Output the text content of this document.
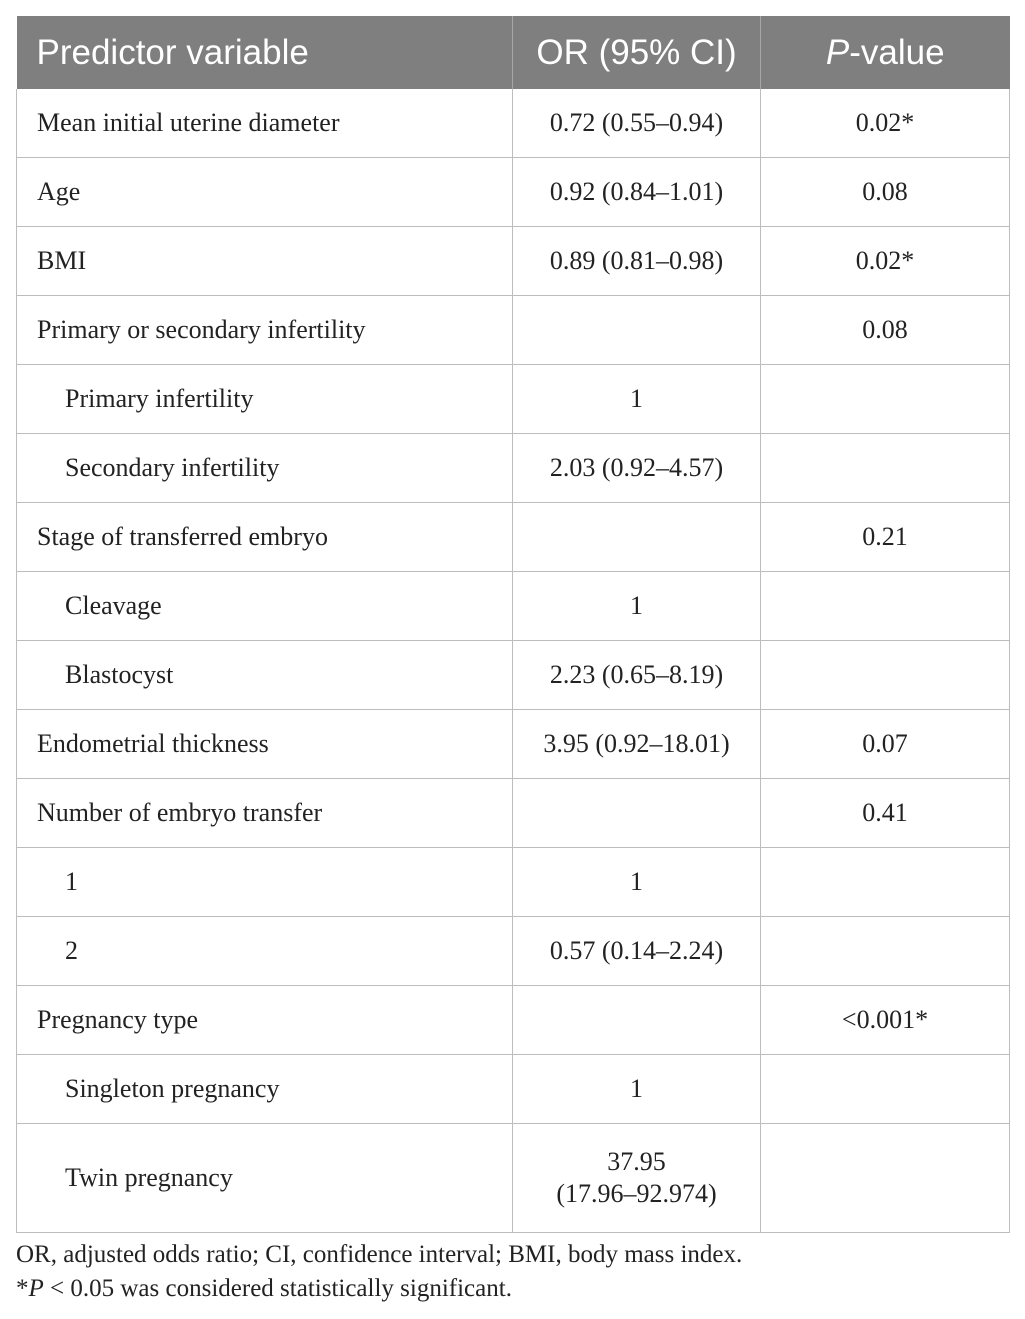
Predictor variable	OR (95% CI)	P-value
Mean initial uterine diameter	0.72 (0.55–0.94)	0.02*
Age	0.92 (0.84–1.01)	0.08
BMI	0.89 (0.81–0.98)	0.02*
Primary or secondary infertility		0.08
Primary infertility	1	
Secondary infertility	2.03 (0.92–4.57)	
Stage of transferred embryo		0.21
Cleavage	1	
Blastocyst	2.23 (0.65–8.19)	
Endometrial thickness	3.95 (0.92–18.01)	0.07
Number of embryo transfer		0.41
1	1	
2	0.57 (0.14–2.24)	
Pregnancy type		<0.001*
Singleton pregnancy	1	
Twin pregnancy	37.95
(17.96–92.974)	

OR, adjusted odds ratio; CI, confidence interval; BMI, body mass index.
*P < 0.05 was considered statistically significant.
